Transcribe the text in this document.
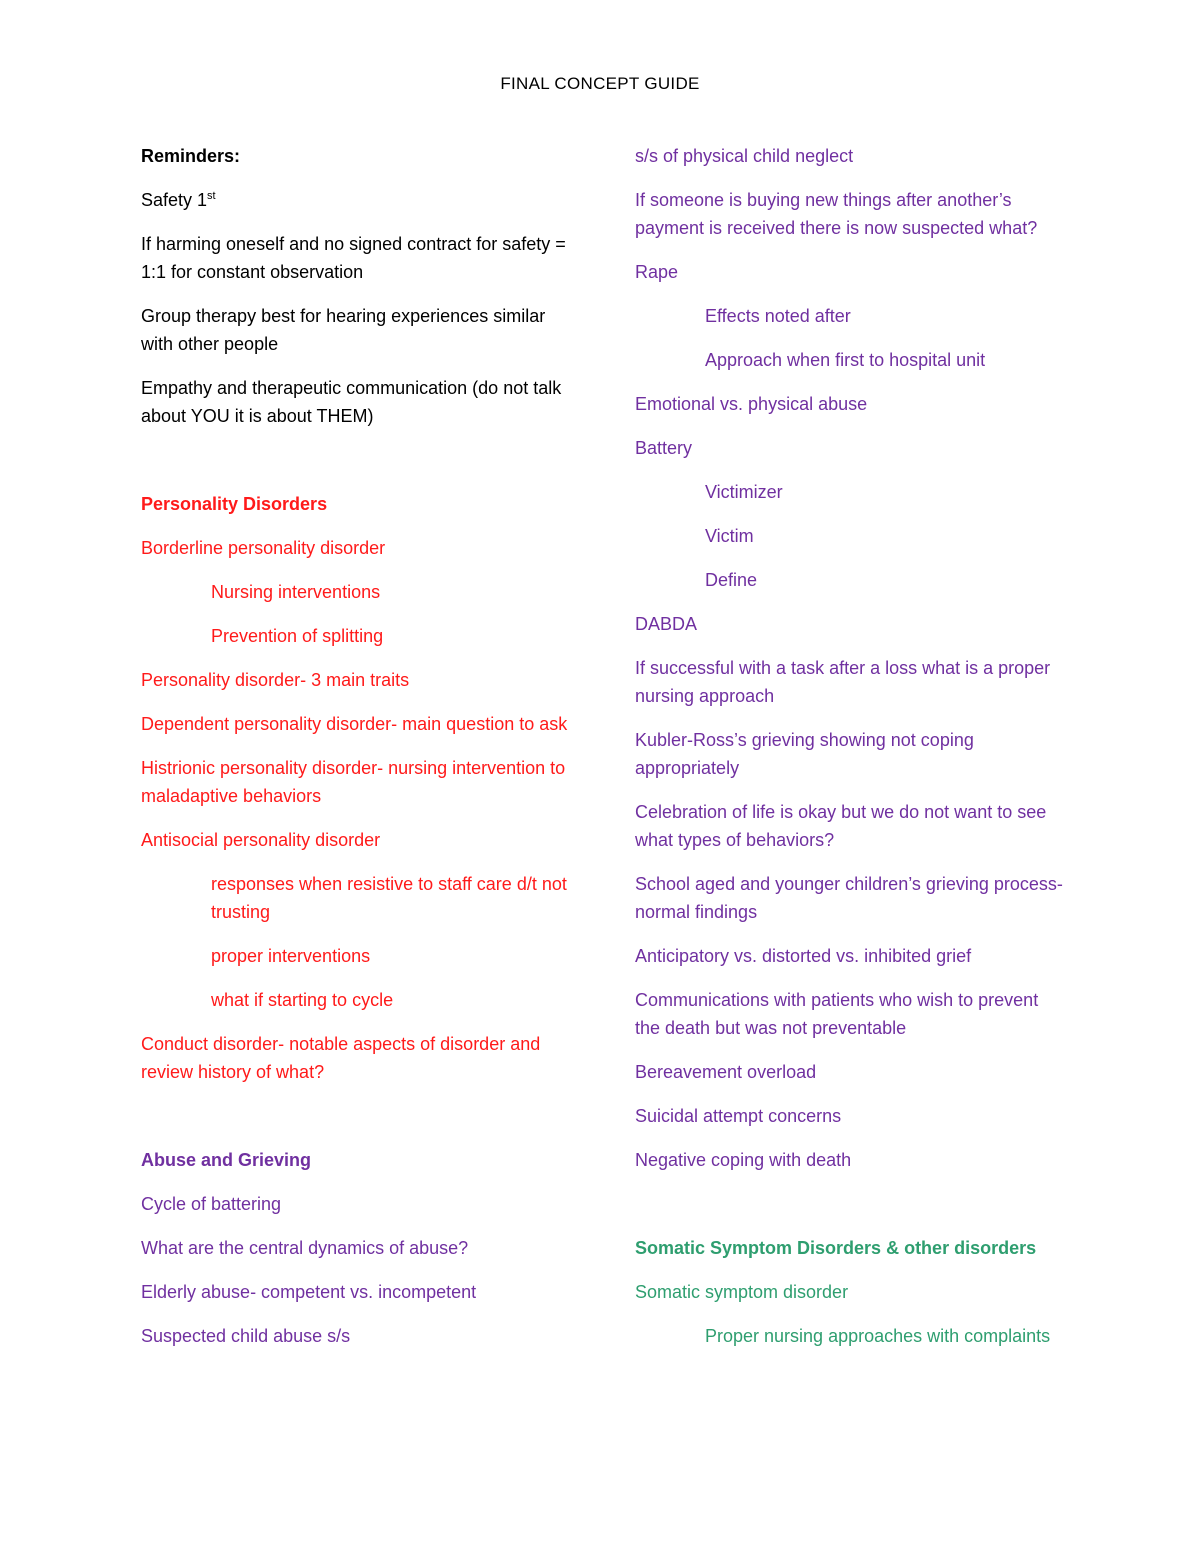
FINAL CONCEPT GUIDE

Reminders:

Safety 1st

If harming oneself and no signed contract for safety = 1:1 for constant observation

Group therapy best for hearing experiences similar with other people

Empathy and therapeutic communication (do not talk about YOU it is about THEM)

Personality Disorders

Borderline personality disorder

Nursing interventions

Prevention of splitting

Personality disorder- 3 main traits

Dependent personality disorder- main question to ask

Histrionic personality disorder- nursing intervention to maladaptive behaviors

Antisocial personality disorder

responses when resistive to staff care d/t not trusting

proper interventions

what if starting to cycle

Conduct disorder- notable aspects of disorder and review history of what?

Abuse and Grieving

Cycle of battering

What are the central dynamics of abuse?

Elderly abuse- competent vs. incompetent

Suspected child abuse s/s

s/s of physical child neglect

If someone is buying new things after another’s payment is received there is now suspected what?

Rape

Effects noted after

Approach when first to hospital unit

Emotional vs. physical abuse

Battery

Victimizer

Victim

Define

DABDA

If successful with a task after a loss what is a proper nursing approach

Kubler-Ross’s grieving showing not coping appropriately

Celebration of life is okay but we do not want to see what types of behaviors?

School aged and younger children’s grieving process- normal findings

Anticipatory vs. distorted vs. inhibited grief

Communications with patients who wish to prevent the death but was not preventable

Bereavement overload

Suicidal attempt concerns

Negative coping with death

Somatic Symptom Disorders & other disorders

Somatic symptom disorder

Proper nursing approaches with complaints
